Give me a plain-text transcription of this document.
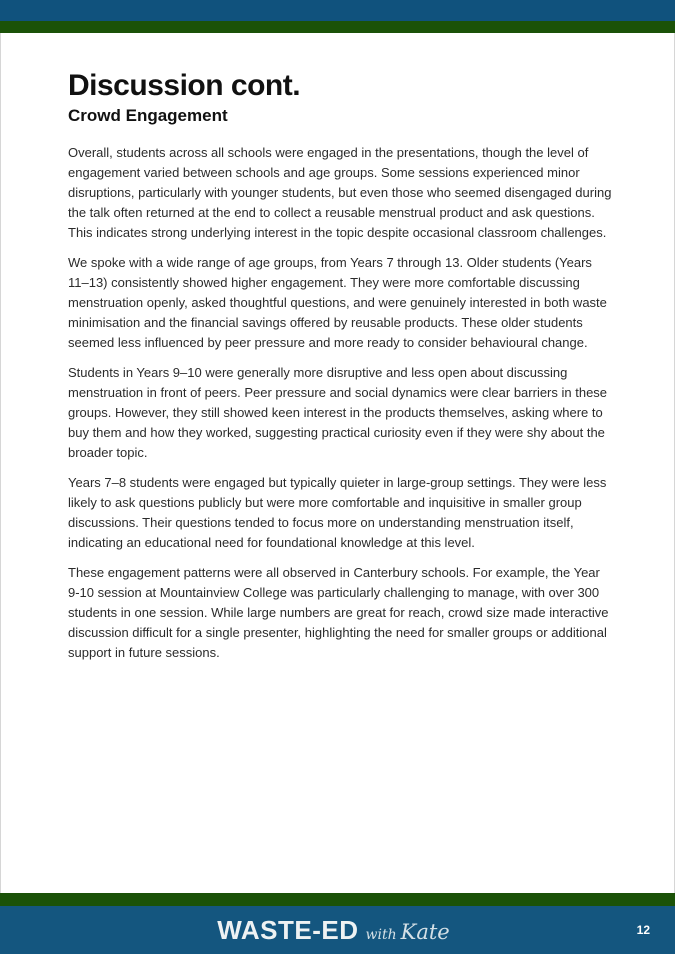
Discussion cont.
Crowd Engagement

Overall, students across all schools were engaged in the presentations, though the level of engagement varied between schools and age groups. Some sessions experienced minor disruptions, particularly with younger students, but even those who seemed disengaged during the talk often returned at the end to collect a reusable menstrual product and ask questions. This indicates strong underlying interest in the topic despite occasional classroom challenges.

We spoke with a wide range of age groups, from Years 7 through 13. Older students (Years 11–13) consistently showed higher engagement. They were more comfortable discussing menstruation openly, asked thoughtful questions, and were genuinely interested in both waste minimisation and the financial savings offered by reusable products. These older students seemed less influenced by peer pressure and more ready to consider behavioural change.

Students in Years 9–10 were generally more disruptive and less open about discussing menstruation in front of peers. Peer pressure and social dynamics were clear barriers in these groups. However, they still showed keen interest in the products themselves, asking where to buy them and how they worked, suggesting practical curiosity even if they were shy about the broader topic.

Years 7–8 students were engaged but typically quieter in large-group settings. They were less likely to ask questions publicly but were more comfortable and inquisitive in smaller group discussions. Their questions tended to focus more on understanding menstruation itself, indicating an educational need for foundational knowledge at this level.

These engagement patterns were all observed in Canterbury schools. For example, the Year 9-10 session at Mountainview College was particularly challenging to manage, with over 300 students in one session. While large numbers are great for reach, crowd size made interactive discussion difficult for a single presenter, highlighting the need for smaller groups or additional support in future sessions.

WASTE-ED with Kate	12
